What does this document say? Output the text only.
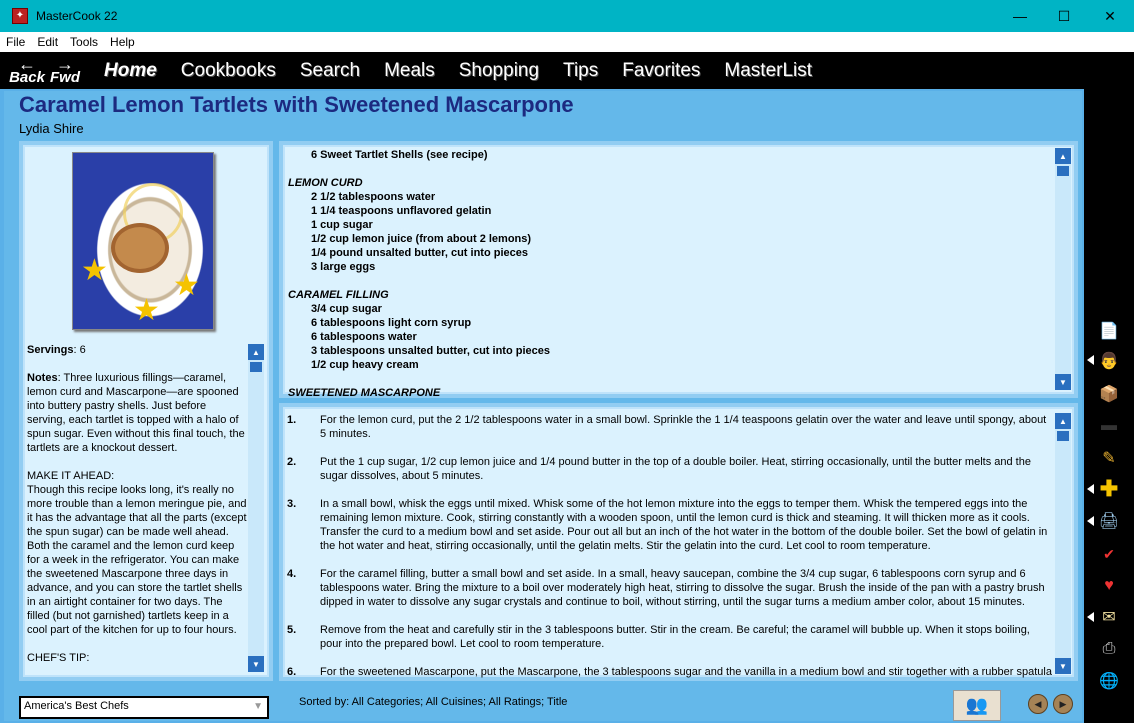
✦ MasterCook 22	—	☐	✕
File	Edit	Tools	Help
←
Back
→
Fwd Home Cookbooks Search Meals Shopping Tips Favorites MasterList
Caramel Lemon Tartlets with Sweetened Mascarpone
Lydia Shire
★ ★
★

Servings: 6

Notes: Three luxurious fillings—caramel, lemon curd and Mascarpone—are spooned into buttery pastry shells. Just before serving, each tartlet is topped with a halo of spun sugar. Even without this final touch, the tartlets are a knockout dessert.

MAKE IT AHEAD:

Though this recipe looks long, it's really no more trouble than a lemon meringue pie, and it has the advantage that all the parts (except the spun sugar) can be made well ahead. Both the caramel and the lemon curd keep for a week in the refrigerator. You can make the sweetened Mascarpone three days in advance, and you can store the tartlet shells in an airtight container for two days. The filled (but not garnished) tartlets keep in a cool part of the kitchen for up to four hours.

CHEF'S TIP:
▲
▼
6 Sweet Tartlet Shells (see recipe)
LEMON CURD
2 1/2 tablespoons water
1 1/4 teaspoons unflavored gelatin
1 cup sugar
1/2 cup lemon juice (from about 2 lemons)
1/4 pound unsalted butter, cut into pieces
3 large eggs
CARAMEL FILLING
3/4 cup sugar
6 tablespoons light corn syrup
6 tablespoons water
3 tablespoons unsalted butter, cut into pieces
1/2 cup heavy cream
SWEETENED MASCARPONE
▲
▼
1.	For the lemon curd, put the 2 1/2 tablespoons water in a small bowl. Sprinkle the 1 1/4 teaspoons gelatin over the water and leave until spongy, about 5 minutes.
2.	Put the 1 cup sugar, 1/2 cup lemon juice and 1/4 pound butter in the top of a double boiler. Heat, stirring occasionally, until the butter melts and the sugar dissolves, about 5 minutes.
3.	In a small bowl, whisk the eggs until mixed. Whisk some of the hot lemon mixture into the eggs to temper them. Whisk the tempered eggs into the remaining lemon mixture. Cook, stirring constantly with a wooden spoon, until the lemon curd is thick and steaming. It will thicken more as it cools. Transfer the curd to a medium bowl and set aside. Pour out all but an inch of the hot water in the bottom of the double boiler. Set the bowl of gelatin in the hot water and heat, stirring occasionally, until the gelatin melts. Stir the gelatin into the curd. Let cool to room temperature.
4.	For the caramel filling, butter a small bowl and set aside. In a small, heavy saucepan, combine the 3/4 cup sugar, 6 tablespoons corn syrup and 6 tablespoons water. Bring the mixture to a boil over moderately high heat, stirring to dissolve the sugar. Brush the inside of the pan with a pastry brush dipped in water to dissolve any sugar crystals and continue to boil, without stirring, until the sugar turns a medium amber color, about 15 minutes.
5.	Remove from the heat and carefully stir in the 3 tablespoons butter. Stir in the cream. Be careful; the caramel will bubble up. When it stops boiling, pour into the prepared bowl. Let cool to room temperature.
6.	For the sweetened Mascarpone, put the Mascarpone, the 3 tablespoons sugar and the vanilla in a medium bowl and stir together with a rubber spatula
▲
▼
America's Best Chefs	▼	Sorted by: All Categories; All Cuisines; All Ratings; Title	👥	◀	▶
📄
👨
📦
▬
✎
✚
🖨
✔
♥
✉
⎙
🌐
